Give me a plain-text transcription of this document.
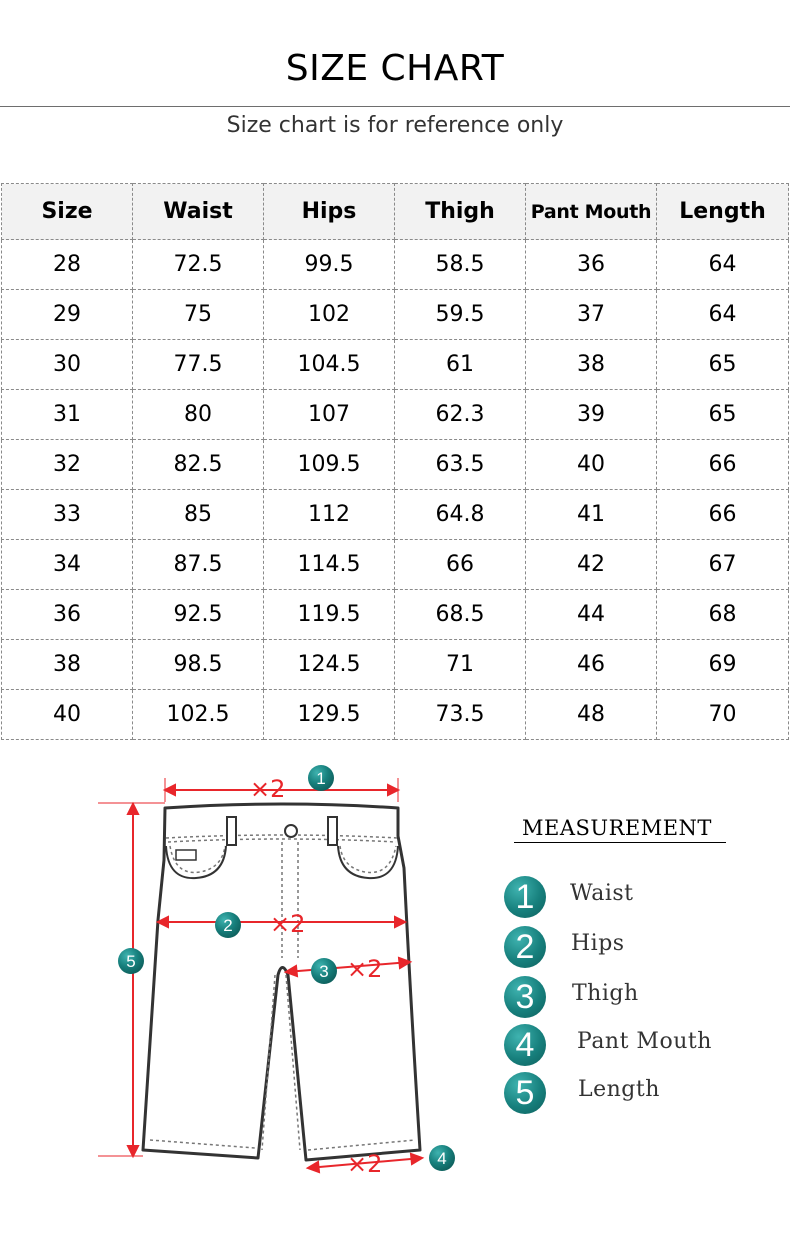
SIZE CHART
Size chart is for reference only
Size	Waist	Hips	Thigh	Pant Mouth	Length
28	72.5	99.5	58.5	36	64
29	75	102	59.5	37	64
30	77.5	104.5	61	38	65
31	80	107	62.3	39	65
32	82.5	109.5	63.5	40	66
33	85	112	64.8	41	66
34	87.5	114.5	66	42	67
36	92.5	119.5	68.5	44	68
38	98.5	124.5	71	46	69
40	102.5	129.5	73.5	48	70
×2
×2
×2
×2
1
2
3
4
5
MEASUREMENT
1	Waist
2	Hips
3	Thigh
4	Pant Mouth
5	Length
